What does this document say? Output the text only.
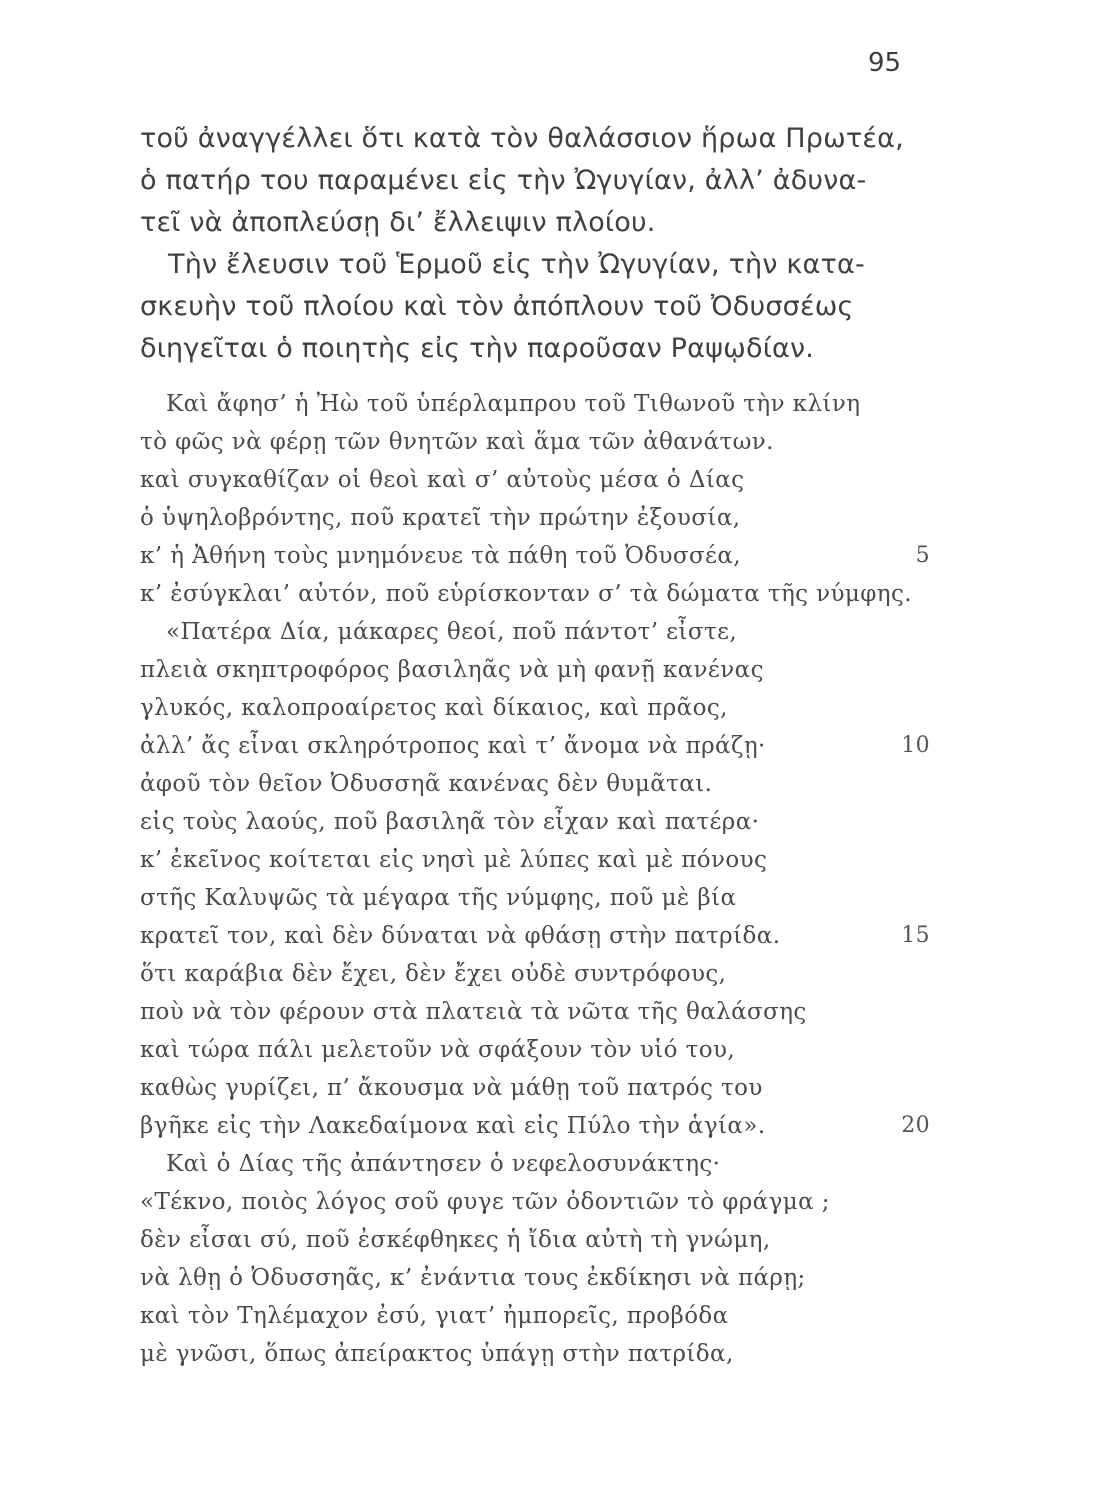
95
τοῦ ἀναγγέλλει ὅτι κατὰ τὸν θαλάσσιον ἥρωα Πρωτέα,
ὁ πατήρ του παραμένει εἰς τὴν Ὠγυγίαν, ἀλλ’ ἀδυνα-
τεῖ νὰ ἀποπλεύσῃ δι’ ἔλλειψιν πλοίου.
Τὴν ἔλευσιν τοῦ Ἑρμοῦ εἰς τὴν Ὠγυγίαν, τὴν κατα-
σκευὴν τοῦ πλοίου καὶ τὸν ἀπόπλουν τοῦ Ὀδυσσέως
διηγεῖται ὁ ποιητὴς εἰς τὴν παροῦσαν Ραψῳδίαν.
Καὶ ἄφησ’ ἡ Ἠὼ τοῦ ὑπέρλαμπρου τοῦ Τιθωνοῦ τὴν κλίνη
τὸ φῶς νὰ φέρῃ τῶν θνητῶν καὶ ἅμα τῶν ἀθανάτων.
καὶ συγκαθίζαν οἱ θεοὶ καὶ σ’ αὐτοὺς μέσα ὁ Δίας
ὁ ὑψηλοβρόντης, ποῦ κρατεῖ τὴν πρώτην ἐξουσία,
κ’ ἡ Ἀθήνη τοὺς μνημόνευε τὰ πάθη τοῦ Ὀδυσσέα,	5
κ’ ἐσύγκλαι’ αὐτόν, ποῦ εὑρίσκονταν σ’ τὰ δώματα τῆς νύμφης.
«Πατέρα Δία, μάκαρες θεοί, ποῦ πάντοτ’ εἶστε,
πλειὰ σκηπτροφόρος βασιληᾶς νὰ μὴ φανῇ κανένας
γλυκός, καλοπροαίρετος καὶ δίκαιος, καὶ πρᾶος,
ἀλλ’ ἄς εἶναι σκληρότροπος καὶ τ’ ἄνομα νὰ πράζῃ·	10
ἀφοῦ τὸν θεῖον Ὀδυσσηᾶ κανένας δὲν θυμᾶται.
εἰς τοὺς λαούς, ποῦ βασιληᾶ τὸν εἶχαν καὶ πατέρα·
κ’ ἐκεῖνος κοίτεται εἰς νησὶ μὲ λύπες καὶ μὲ πόνους
στῆς Καλυψῶς τὰ μέγαρα τῆς νύμφης, ποῦ μὲ βία
κρατεῖ τον, καὶ δὲν δύναται νὰ φθάσῃ στὴν πατρίδα.	15
ὅτι καράβια δὲν ἔχει, δὲν ἔχει οὐδὲ συντρόφους,
ποὺ νὰ τὸν φέρουν στὰ πλατειὰ τὰ νῶτα τῆς θαλάσσης
καὶ τώρα πάλι μελετοῦν νὰ σφάξουν τὸν υἱό του,
καθὼς γυρίζει, π’ ἄκουσμα νὰ μάθῃ τοῦ πατρός του
βγῆκε εἰς τὴν Λακεδαίμονα καὶ εἰς Πύλο τὴν ἁγία».	20
Καὶ ὁ Δίας τῆς ἀπάντησεν ὁ νεφελοσυνάκτης·
«Τέκνο, ποιὸς λόγος σοῦ φυγε τῶν ὀδοντιῶν τὸ φράγμα ;
δὲν εἶσαι σύ, ποῦ ἐσκέφθηκες ἡ ἴδια αὐτὴ τὴ γνώμη,
νὰ λθῃ ὁ Ὀδυσσηᾶς, κ’ ἐνάντια τους ἐκδίκησι νὰ πάρῃ;
καὶ τὸν Τηλέμαχον ἐσύ, γιατ’ ἠμπορεῖς, προβόδα
μὲ γνῶσι, ὅπως ἀπείρακτος ὑπάγῃ στὴν πατρίδα,
